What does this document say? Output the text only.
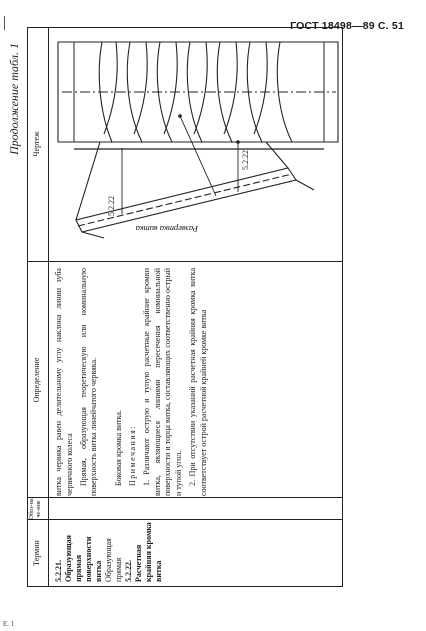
ГОСТ 18498—89 С. 51
Продолжение табл. 1
Термин
Обоз-наче-ние
Определение
Чертеж
5.2.21. Образующая прямая поверхности витка Образующая прямая 5.2.22. Расчетная крайняя кромка витка

витка червяка равен делительному углу наклона линии зуба червячного колеса Прямая, образующая теоретическую или номинальную поверхность витка линейчатого червяка. Боковая кромка витка. Примечания: 1. Различают острую и тупую расчетные крайние кромки витка, являющиеся линиями пересечения номинальной поверхности и торца витка, составляющих соответственно острый и тупой угол. 2. При отсутствии указаний расчетная крайняя кромка витка соответствует острой расчетной крайней кромке витка

Развертка витка
5.2.22
5.2.22
Е. 1
